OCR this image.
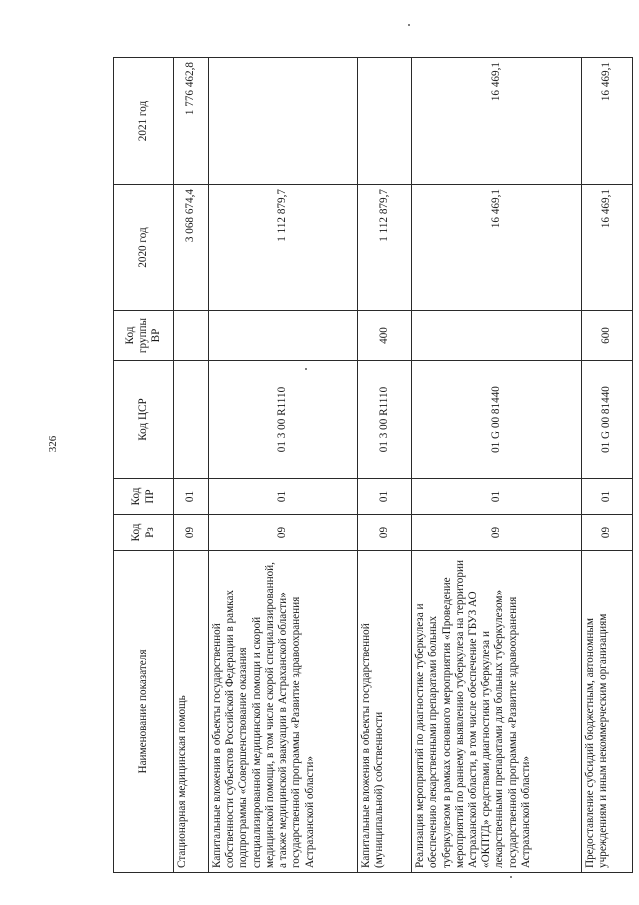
326
Наименование показателя	Код Рз	Код ПР	Код ЦСР	Код группы ВР	2020 год	2021 год
Стационарная медицинская помощь	09	01			3 068 674,4	1 776 462,8
Капитальные вложения в объекты государственной собственности субъектов Российской Федерации в рамках подпрограммы «Совершенствование оказания специализированной медицинской помощи и скорой медицинской помощи, в том числе скорой специализированной, а также медицинской эвакуации в Астраханской области» государственной программы «Развитие здравоохранения Астраханской области»	09	01	01 3 00 R1110		1 112 879,7	
Капитальные вложения в объекты государственной (муниципальной) собственности	09	01	01 3 00 R1110	400	1 112 879,7	
Реализация мероприятий по диагностике туберкулеза и обеспечению лекарственными препаратами больных туберкулезом в рамках основного мероприятия «Проведение мероприятий по раннему выявлению туберкулеза на территории Астраханской области, в том числе обеспечение ГБУЗ АО «ОКПТД» средствами диагностики туберкулеза и лекарственными препаратами для больных туберкулезом» государственной программы «Развитие здравоохранения Астраханской области»	09	01	01 G 00 81440		16 469,1	16 469,1
Предоставление субсидий бюджетным, автономным учреждениям и иным некоммерческим организациям	09	01	01 G 00 81440	600	16 469,1	16 469,1
